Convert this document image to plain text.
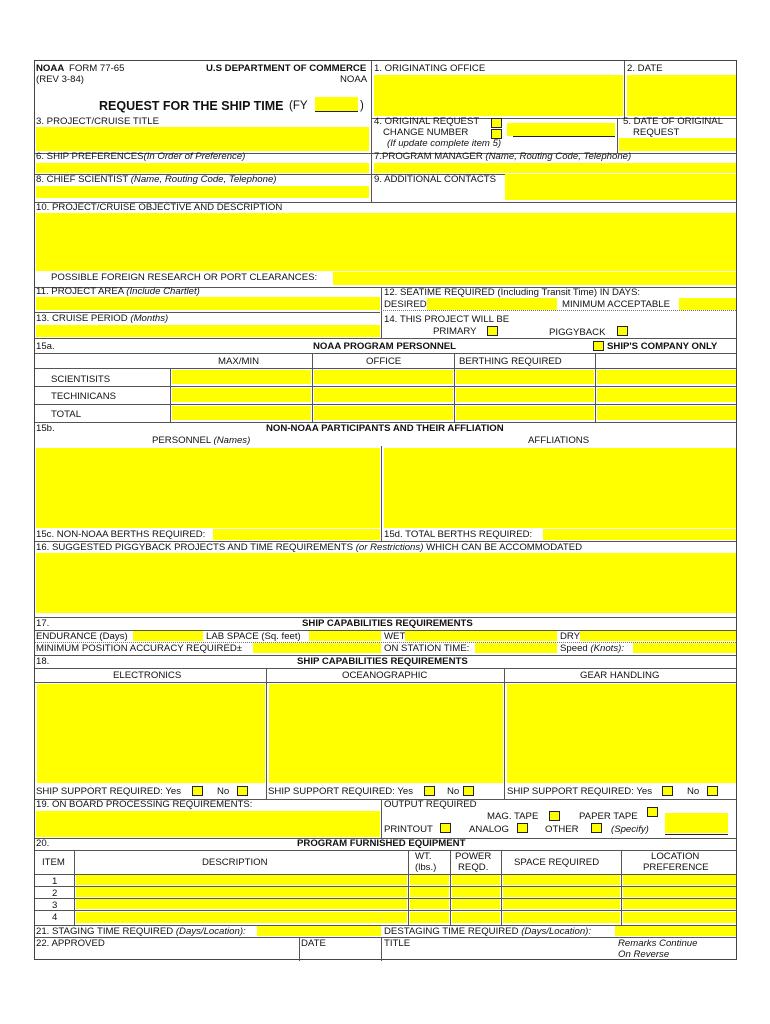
NOAA FORM 77-65
(REV 3-84)
U.S DEPARTMENT OF COMMERCE
NOAA
REQUEST FOR THE SHIP TIME (FY	)
1. ORIGINATING OFFICE	2. DATE
3. PROJECT/CRUISE TITLE	4. ORIGINAL REQUEST
CHANGE NUMBER
(If update complete item 5)
5. DATE OF ORIGINAL
REQUEST
6. SHIP PREFERENCES(In Order of Preference)	7.PROGRAM MANAGER (Name, Routing Code, Telephone)
8. CHIEF SCIENTIST (Name, Routing Code, Telephone)	9. ADDITIONAL CONTACTS
10. PROJECT/CRUISE OBJECTIVE AND DESCRIPTION
POSSIBLE FOREIGN RESEARCH OR PORT CLEARANCES:
11. PROJECT AREA (Include Chartlet)	12. SEATIME REQUIRED (Including Transit Time) IN DAYS:
DESIRED	MINIMUM ACCEPTABLE
13. CRUISE PERIOD (Months)	14. THIS PROJECT WILL BE
PRIMARY	PIGGYBACK
15a.	NOAA PROGRAM PERSONNEL	SHIP'S COMPANY ONLY
MAX/MIN	OFFICE	BERTHING REQUIRED
SCIENTISITS
TECHINICANS
TOTAL
15b.	NON-NOAA PARTICIPANTS AND THEIR AFFLIATION
PERSONNEL (Names)	AFFLIATIONS
15c. NON-NOAA BERTHS REQUIRED:	15d. TOTAL BERTHS REQUIRED:
16. SUGGESTED PIGGYBACK PROJECTS AND TIME REQUIREMENTS (or Restrictions) WHICH CAN BE ACCOMMODATED
17.	SHIP CAPABILITIES REQUIREMENTS
ENDURANCE (Days)	LAB SPACE (Sq. feet)	WET	DRY
MINIMUM POSITION ACCURACY REQUIRED±	ON STATION TIME:	Speed (Knots):
18.	SHIP CAPABILITIES REQUIREMENTS
ELECTRONICS	OCEANOGRAPHIC	GEAR HANDLING
SHIP SUPPORT REQUIRED: Yes	No	SHIP SUPPORT REQUIRED: Yes	No	SHIP SUPPORT REQUIRED: Yes	No
19. ON BOARD PROCESSING REQUIREMENTS:	OUTPUT REQUIRED
MAG. TAPE	PAPER TAPE
PRINTOUT	ANALOG	OTHER	(Specify)
20.	PROGRAM FURNISHED EQUIPMENT
ITEM	DESCRIPTION
WT.
(lbs.)
POWER
REQD.	SPACE REQUIRED
LOCATION
PREFERENCE
1
2
3
4
21. STAGING TIME REQUIRED (Days/Location):	DESTAGING TIME REQUIRED (Days/Location):
22. APPROVED	DATE	TITLE	Remarks Continue
On Reverse
